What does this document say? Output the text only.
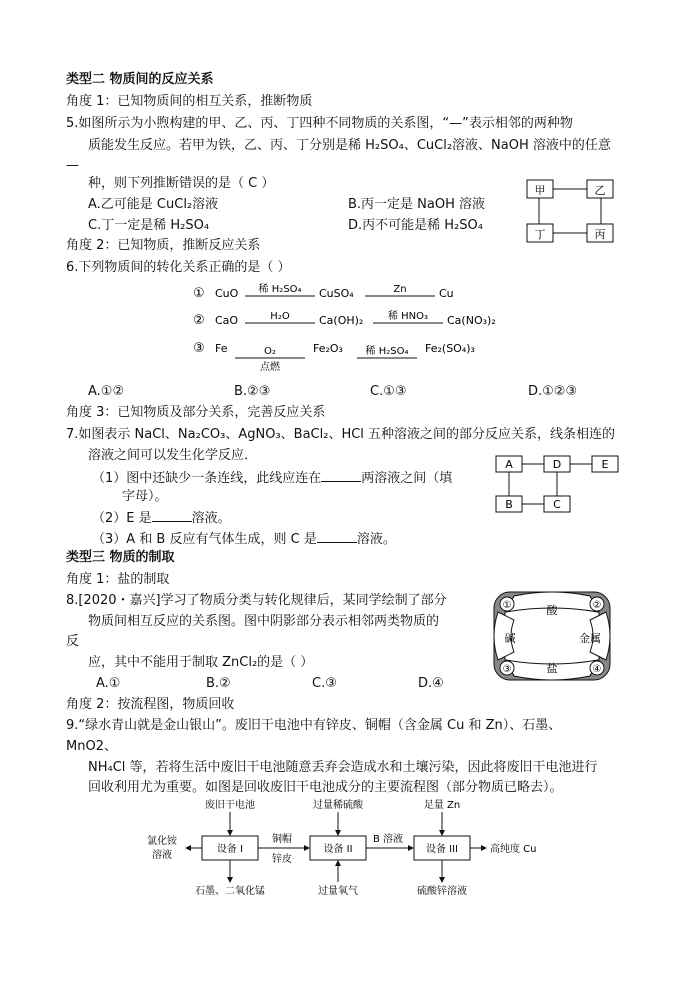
类型二 物质间的反应关系
角度 1：已知物质间的相互关系，推断物质
5.如图所示为小煦构建的甲、乙、丙、丁四种不同物质的关系图，“—”表示相邻的两种物
质能发生反应。若甲为铁，乙、丙、丁分别是稀 H₂SO₄、CuCl₂溶液、NaOH 溶液中的任意
—
种，则下列推断错误的是（ C ）
A.乙可能是 CuCl₂溶液	B.丙一定是 NaOH 溶液
C.丁一定是稀 H₂SO₄	D.丙不可能是稀 H₂SO₄
甲	乙
丁	丙
角度 2：已知物质，推断反应关系
6.下列物质间的转化关系正确的是（ ）
① CuO 稀 H₂SO₄ CuSO₄	Zn	Cu
② CaO	H₂O	Ca(OH)₂ 稀 HNO₃ Ca(NO₃)₂
③ Fe	O₂
点燃
Fe₂O₃ 稀 H₂SO₄ Fe₂(SO₄)₃
A.①②	B.②③	C.①③	D.①②③
角度 3：已知物质及部分关系，完善反应关系
7.如图表示 NaCl、Na₂CO₃、AgNO₃、BaCl₂、HCl 五种溶液之间的部分反应关系，线条相连的
溶液之间可以发生化学反应．
（1）图中还缺少一条连线，此线应连在	两溶液之间（填
字母）。
（2）E 是	溶液。
（3）A 和 B 反应有气体生成，则 C 是	溶液。
A	D	E
B	C
类型三 物质的制取
角度 1：盐的制取
8.[2020・嘉兴]学习了物质分类与转化规律后，某同学绘制了部分
物质间相互反应的关系图。图中阴影部分表示相邻两类物质的
反
应，其中不能用于制取 ZnCl₂的是（ ）
A.①	B.②	C.③	D.④
酸
盐
碱	金属
①	②
③	④
角度 2：按流程图，物质回收
9.“绿水青山就是金山银山”。废旧干电池中有锌皮、铜帽（含金属 Cu 和 Zn）、石墨、
MnO2、
NH₄Cl 等，若将生活中废旧干电池随意丢弃会造成水和土壤污染，因此将废旧干电池进行
回收利用尤为重要。如图是回收废旧干电池成分的主要流程图（部分物质已略去）。
设备 I	设备 II	设备 III
废旧干电池	过量稀硫酸	足量 Zn
氯化铵
溶液
铜帽
锌皮
B 溶液
高纯度 Cu
石墨、二氧化锰	过量氧气	硫酸锌溶液
